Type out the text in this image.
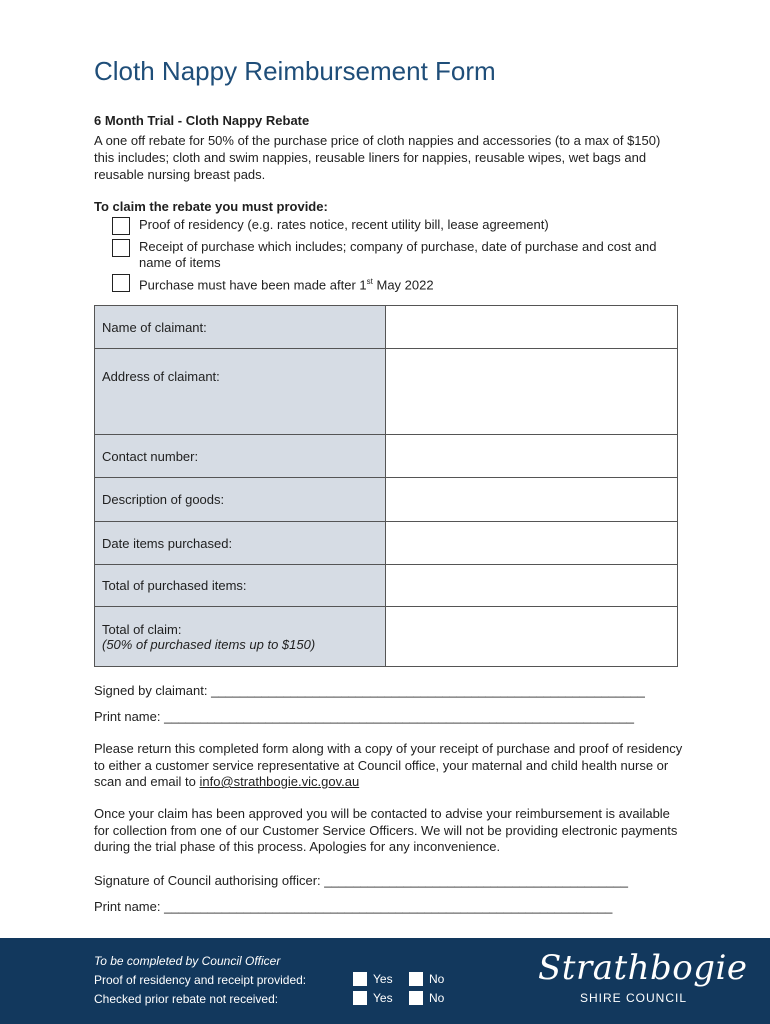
Cloth Nappy Reimbursement Form
6 Month Trial - Cloth Nappy Rebate

A one off rebate for 50% of the purchase price of cloth nappies and accessories (to a max of $150) this includes; cloth and swim nappies, reusable liners for nappies, reusable wipes, wet bags and reusable nursing breast pads.

To claim the rebate you must provide:
Proof of residency (e.g. rates notice, recent utility bill, lease agreement)
Receipt of purchase which includes; company of purchase, date of purchase and cost and name of items
Purchase must have been made after 1st May 2022
Name of claimant:	
Address of claimant:	
Contact number:	
Description of goods:	
Date items purchased:	
Total of purchased items:	

Total of claim:
(50% of purchased items up to $150)	

Signed by claimant: ____________________________________________________________
Print name: _________________________________________________________________

Please return this completed form along with a copy of your receipt of purchase and proof of residency to either a customer service representative at Council office, your maternal and child health nurse or scan and email to info@strathbogie.vic.gov.au

Once your claim has been approved you will be contacted to advise your reimbursement is available for collection from one of our Customer Service Officers. We will not be providing electronic payments during the trial phase of this process. Apologies for any inconvenience.

Signature of Council authorising officer: __________________________________________
Print name: ______________________________________________________________
To be completed by Council Officer
Proof of residency and receipt provided:
Checked prior rebate not received:
Yes	No
Yes	No
Strathbogie
SHIRE COUNCIL
